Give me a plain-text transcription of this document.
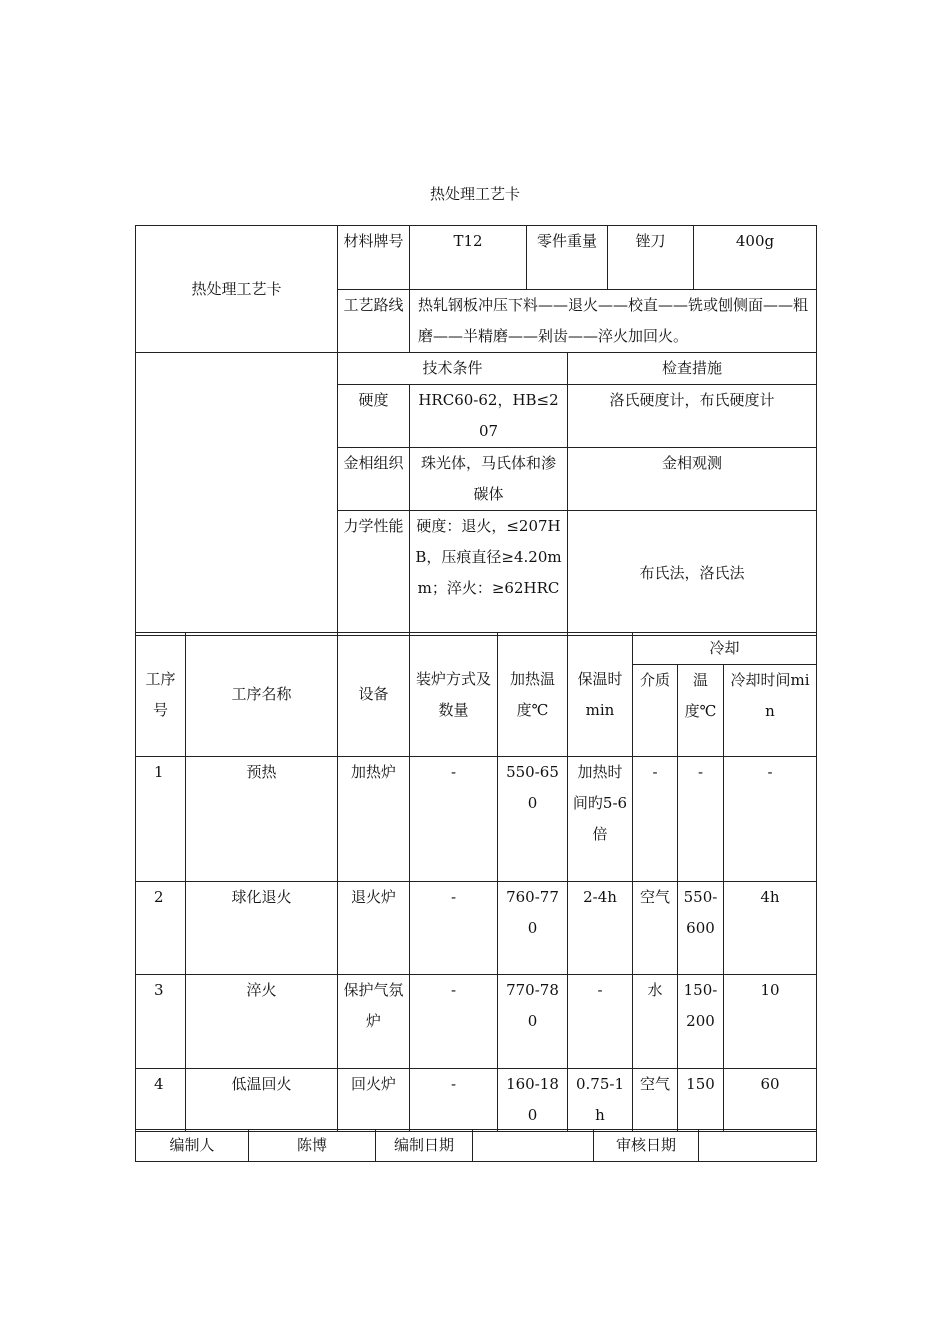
热处理工艺卡
热处理工艺卡	材料牌号	T12	零件重量	锉刀	400g
	工艺路线	热轧钢板冲压下料——退火——校直——铣或刨侧面——粗磨——半精磨——剁齿——淬火加回火。			
	技术条件		检查措施
	硬度	HRC60-62，HB≤207	洛氏硬度计，布氏硬度计
	金相组织	珠光体，马氏体和渗碳体	金相观测
	力学性能	硬度：退火，≤207HB，压痕直径≥4.20mm；淬火：≥62HRC	布氏法，洛氏法
工序号	工序名称	设备	装炉方式及数量	加热温度℃	保温时min	冷却		
						介质	温度℃	冷却时间min
1	预热	加热炉	-	550-650	加热时间旳5-6倍	-	-	-
2	球化退火	退火炉	-	760-770	2-4h	空气	550-600	4h
3	淬火	保护气氛炉	-	770-780	-	水	150-200	10
4	低温回火	回火炉	-	160-180	0.75-1h	空气	150	60
编制人	陈博	编制日期		审核日期	
